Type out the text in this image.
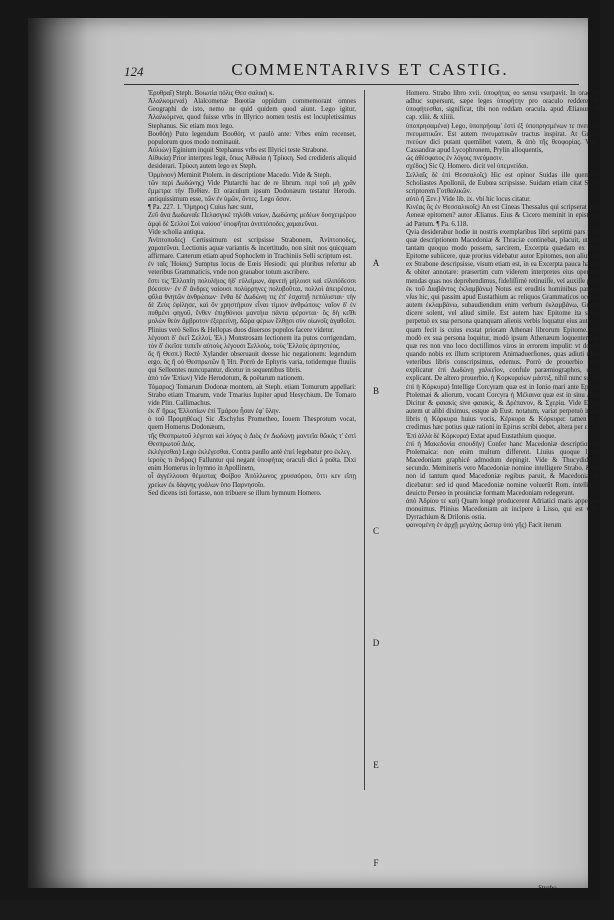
124	COMMENTARIVS ET CASTIG.

Ἐρυθραῖ) Steph. Βοιωτία πόλις Θεσ σαλικὴ κ.

Ἀλαλκομεναί) Alalcomenæ Bœotiæ oppidum commemorant omnes Geographi de isto, nemo ne quid quidem quod aiunt. Lego igitur, Ἀλαλκόμενα, quod fuisse vrbs in Illyrico nomen testis est locupletissimus Stephanus. Sic etiam mox lego.

Βουθόη) Puto legendum Βουθόη, vt paulò ante: Vrbes enim recenset, populorum quos modo nominauit.

Αὐλιών) Eginium inquit Stephanus vrbs est Illyrici teste Strabone.

Αἰθικία) Prior interpres legit, ὅπως Ἀἰθικία ἡ Τρίκκη. Sed credideris aliquid desiderari. Τρίκκη autem lego ex Steph.

Ὀρμίνιον) Meminit Ptolem. in descriptione Macedo. Vide & Steph.

τῶν περὶ Δωδώνης) Vide Plutarchi hac de re librum. περὶ τοῦ μὴ χρᾶν ἔμμετρα τὴν Πυθίαν. Et oraculum ipsum Dodonæum testatur Herodo. antiquissimum esse, τῶν ἐν ὑμῶν, ὄντες. Lego ὅσον.

¶ Pa. 227. 1. Ὅμηρος) Cuius hæc sunt,

Ζεῦ ἄνα Δωδωναῖε Πελασγικὲ τηλόθι ναίων, Δωδώνης μεδέων δυσχειμέρου ἀμφὶ δὲ Σελλοὶ Σοὶ ναίουσ' ὑποφῆται ἀνιπτόποδες χαμαιεῦναι.

Vide scholia antiqua.

Ἀνίπτοποδες) Certissimum est scripsisse Strabonem, Ἀνίπτοποδες, χαμαιεῦναι. Lectionis aquæ variantis & incertitudo, non sinit nos quicquam affirmare. Cæterum etiam apud Sophoclem in Trachiniis Selli scriptum est.

ἐν ταῖς Ἠοίαις) Sumptus locus de Eœis Hesiodi: qui pluribus refertur ab veteribus Grammaticis, vnde non grauabor totum ascribere.

ἔστι τις Ἑλλοπίη πολυλήιος ἠδ' εὐλείμων, ἀφνειὴ μήλοισι καὶ εἰλιπόδεσσι βόεσσιν· ἐν δ' ἄνδρες ναίουσι πολύρρηνες πολυβοῦται, πολλοὶ ἀπειρέσιοι, φῦλα θνητῶν ἀνθρώπων· ἔνθα δὲ Δωδώνη τις ἐπ' ἐσχατιῇ πεπόλισται· τὴν δὲ Ζεὺς ἐφίλησε, καὶ ὃν χρηστήριον εἶναι τίμιον ἀνθρώποις· ναῖον δ' ἐν πυθμένι φηγοῦ, ἔνθεν ἐπιχθόνιοι μαντήια πάντα φέρονται· ὃς δὴ κεῖθι μολὼν θεὸν ἄμβροτον ἐξερεείνῃ, δῶρα φέρων ἔλθῃσι σὺν οἰωνοῖς ἀγαθοῖσι.

Plinius verò Sellos & Hellopas duos diuersos populos facere videtur.

λέγουσι δ' ἐκεῖ Σελλοὶ, Ἐλ.) Monstrosam lectionem ita putos corrigendam, τὸν δ' ἐκεῖσε τυπεῖν αὐτοὺς λέγουσι Σελλοὺς, τοὺς Ἑλλοὺς ἀρτηστέος.

ὃς ἢ Θεσπ.) Rectè Xylander obseruauit deesse hic negationem: legendum ergo, ὃς ἢ οὐ Θεσπρωτῶν ἢ Ἠπ. Porrò de Ephyris varia, totidemque fluuiis qui Selleentes nuncupantur, dicetur in sequentibus libris.

ἀπὸ τῶν Ἐπίων) Vide Herodotum, & poëtarum nationem.

Τόμαρος) Tomarum Dodonæ montem, ait Steph. etiam Tomurum appellari: Strabo etiam Tmarum, vnde Tmarius Iupiter apud Hesychium. De Tomaro vide Plin. Callimachus.

ἐκ δ' ἥρως Ἐλλοπίων ἐπὶ Τμάρου ἦσαν ἐφ' ὕλην.

ὁ τοῦ Προμηθέως) Sic Æschylus Prometheo, Iouem Thesprotum vocat, quem Homerus Dodonæum,

τῆς Θεσπρωτοῦ λέγεται καὶ λόγος ὁ Διὸς ἐν Δωδώνῃ μαντεῖα θῶκός τ' ἐστὶ Θεσπρωτοῦ Διός.

ἐκλέγεσθαι) Lego ἐκλέγεσθαι. Contra paullo antè ἐπεὶ legebatur pro ἐκλεγ.

ἱεροὺς τι ἄνδρας) Falluntur qui negant ὑποφήτας oraculi dici à poëta. Dixi enim Homerus in hymno in Apollinem,

οἷ ἀγγέλλουσι θέμιστας Φοίβου Ἀπόλλωνος χρυσαόρου, ὅττι κεν εἴπῃ χρείων ἐκ δάφνης γυάλων ὕπο Παρνησοῖο.

Sed dicens isti fortasse, non tribuere se illum hymnum Homero.

A
B
C
D
E
F

Homero. Strabo libro xvii. ὑποφήτας eo sensu vsurpavit. In oraculis quæ adhuc supersunt, sæpe leges ὑποφήτην pro oraculo reddere, & τὸν ὑποφήτεσθαι, significat, tibi non reddam oracula. apud Ælianum lib. iii. cap. xliii. & xliiii.

ὑποπρησαμένα) Lego, ὑποπρήσαμ' ἐστὶ ἐξ ὑποπρησμένων τε πνευματικῶν, πνευματικῶν. Est autem πνευματικῶν tractus inspirat. At Grammatici πνεύων dici putant quemlibet vatem, & ἀπὸ τῆς θεοφορίας. Vide illud Cassandræ apud Lycophronem, Prylin alloquentis,

ὡς ἀθέσφατος ἐν λόγοις πνεύμασιν.

σχέδος) Sic Q. Homero. dicit vel ὑπεμνείδαι.

Σελλαῖς δὲ ἐπὶ Θεσσαλοῖς) Hic est opinor Suidas ille quem testatur Scholiastes Apollonii, de Eubœa scripsisse. Suidam etiam citat Stephanus, scriptorem Γοτθαλικῶν.

αὐτὸ ἤ Ξεν.) Vide lib. ix. vbi hic locus citatur.

Κινέας ὅς ἐν Θεσσαλικοῖς) An est Cineas Thessalus qui scripserat Τακτικὴν Aeneæ epitomen? autor Ælianus. Eius & Cicero meminit in epist. quadam ad Pætum. ¶ Pa. 6.118.

Qvia desiderabur hodie in nostris exemplaribus libri septimi pars postrema, quæ descriptionem Macedoniæ & Thraciæ continebat, placuit, ut iacturam tantam quoquo modo possem, sarcirem, Excerpta quædam ex Strabonis Epitome subiicere, quæ prorius videbatur autor Epitomes, non aliunde quam ex Strabone descripsisse, visum etiam est, in ea Excerpta pauca hæc cursim & obiter annotare: præsertim cum viderem interpretes eius operis omnes mendas quas nos deprehendimus, fideliſſimè retinuiſſe, vel auxiſſe potius.

ἐκ τοῦ Διαβάντος ἐκλαμβάνω) Notus est eruditis hominibus particulæ ἐν vſus hic, qui passim apud Eustathium ac reliquos Grammaticos occurrit. Est autem ἐκλαμβάνω, subaudiendum enim verbum ἐκλαμβάνω, Grammatici dicere solent, vel aliud simile. Est autem hæc Epitome ita scripta, vt perpetuò ex sua persona quanquam alienis verbis loquatur eius autor: contra quam fecit is cuius exstat prioram Athenæi librorum Epitome. Nam is, modò ex sua persona loquitur, modò ipsum Athenæum loquentem inducit: quæ res non vno loco doctiſſimos viros in errorem impulit: vt docebimus, quando nobis ex illum scriptorem Animaduerſiones, quas adiuti maximè à veteribus libris conscripsimus, edemus. Porrò de prouerbio quod hic explicatur ἐπὶ Δωδώνῃ χαλκεῖον, confule paræmiographos, qui aliter explicant. De altero prouerbio, ἡ Κορκυραίων μάστιξ, nihil nunc succurrit.

ἐπὶ ἡ Κόρκυρα) Intellige Corcyram quæ est in Ionio mari ante Epirum: qui Ptolemæi & aliorum, vocant Corcyra ἡ Μέλαινα quæ est in sinu Adriatico. Dicitur & φαιακὶς sive φαιακὶς, & Δρέπανον, & Σχερία. Vide Eustat. Est autem ut alibi diximus, estque ab Eust. notatum, variat perpetuò in antiquis libris ἡ Κόρκυρα huius vocis, Κέρκυρα & Κόρκυρα: tamen ē sidem credimus hæc potius quæ rationi in Epirus scribi debet, altera per ε.

Ἐπὶ ἀλλὰ δὲ Κόρκυρα) Extat apud Eustathium quoque.

ἐπὶ ἡ Μακεδονία σπουδὴν) Confer hanc Macedoniæ descriptionem cum Ptolemaica: non enim multum different. Liuius quoque libro xlv. Macedoniam graphicè admodum depingit. Vide & Thucydidem libro secundo. Meminerís vero Macedoniæ nomine intelligere Strabo. & Ptolem. non id tantum quod Macedoniæ regibus paruit, & Macedoniæ proprie dicebatur: sed id quod Macedoniæ nomine voluerūt Rom. intelligi, quum deuicto Perseo in prouinciæ formam Macedoniam redegerunt.

ἀπὸ Ἀδρίου τε καὶ) Quam longè producerent Adriatici maris appellatio iam monuimus. Plinius Macedoniam ait incipere à Lisso, qui est vrbs inter Dyrrachium & Drilonis ostia.

φαινομένη ἐν ἀρχῇ μεγάλης ὥσπερ ὑπὸ γῆς) Facit iterum

Strabo
